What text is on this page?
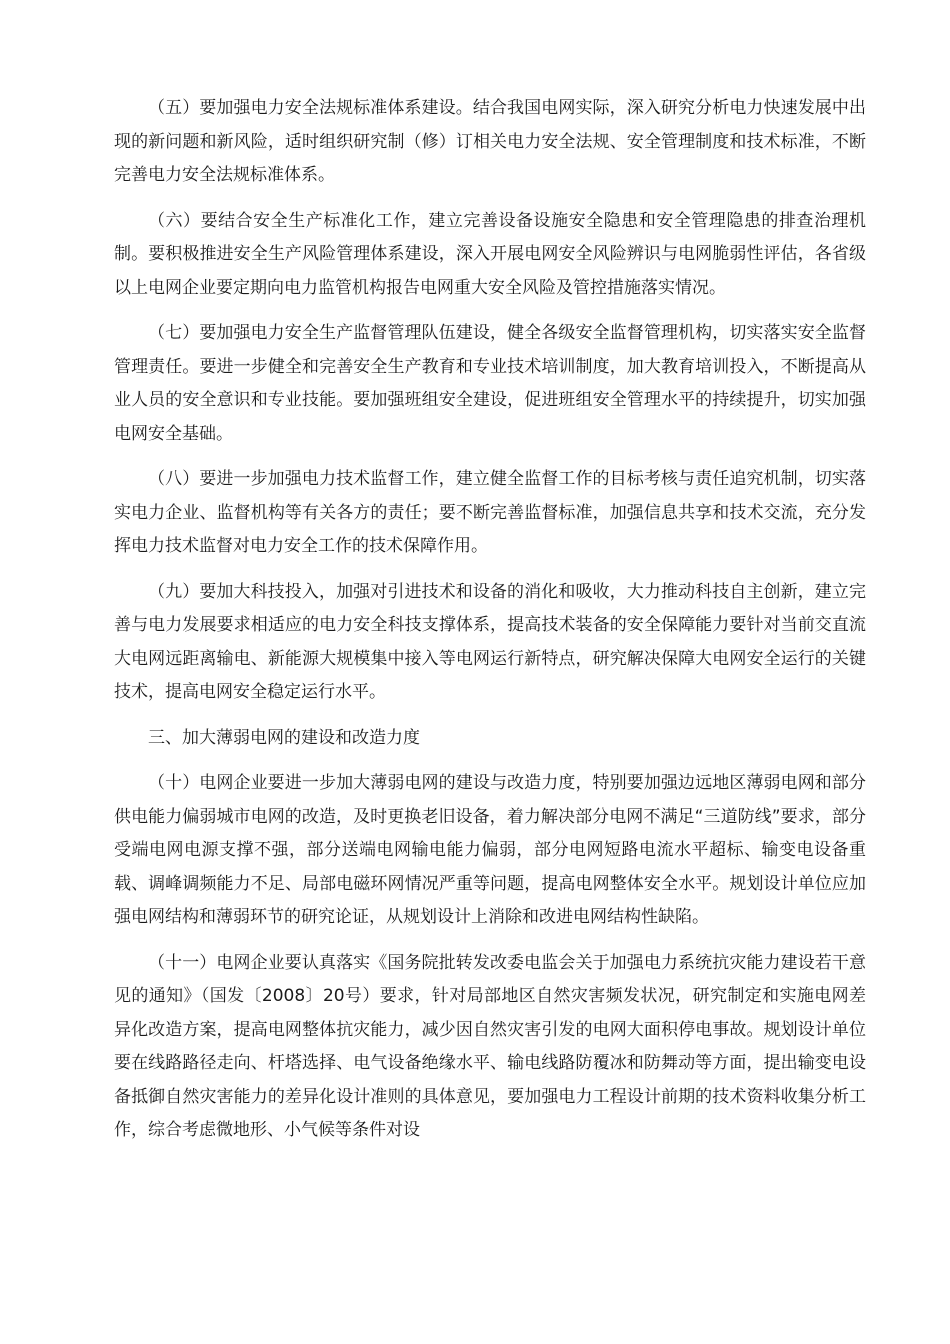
（五）要加强电力安全法规标准体系建设。结合我国电网实际，深入研究分析电力快速发展中出现的新问题和新风险，适时组织研究制（修）订相关电力安全法规、安全管理制度和技术标准，不断完善电力安全法规标准体系。

（六）要结合安全生产标准化工作，建立完善设备设施安全隐患和安全管理隐患的排查治理机制。要积极推进安全生产风险管理体系建设，深入开展电网安全风险辨识与电网脆弱性评估，各省级以上电网企业要定期向电力监管机构报告电网重大安全风险及管控措施落实情况。

（七）要加强电力安全生产监督管理队伍建设，健全各级安全监督管理机构，切实落实安全监督管理责任。要进一步健全和完善安全生产教育和专业技术培训制度，加大教育培训投入，不断提高从业人员的安全意识和专业技能。要加强班组安全建设，促进班组安全管理水平的持续提升，切实加强电网安全基础。

（八）要进一步加强电力技术监督工作，建立健全监督工作的目标考核与责任追究机制，切实落实电力企业、监督机构等有关各方的责任；要不断完善监督标准，加强信息共享和技术交流，充分发挥电力技术监督对电力安全工作的技术保障作用。

（九）要加大科技投入，加强对引进技术和设备的消化和吸收，大力推动科技自主创新，建立完善与电力发展要求相适应的电力安全科技支撑体系，提高技术装备的安全保障能力要针对当前交直流大电网远距离输电、新能源大规模集中接入等电网运行新特点，研究解决保障大电网安全运行的关键技术，提高电网安全稳定运行水平。

三、加大薄弱电网的建设和改造力度

（十）电网企业要进一步加大薄弱电网的建设与改造力度，特别要加强边远地区薄弱电网和部分供电能力偏弱城市电网的改造，及时更换老旧设备，着力解决部分电网不满足“三道防线”要求，部分受端电网电源支撑不强，部分送端电网输电能力偏弱，部分电网短路电流水平超标、输变电设备重载、调峰调频能力不足、局部电磁环网情况严重等问题，提高电网整体安全水平。规划设计单位应加强电网结构和薄弱环节的研究论证，从规划设计上消除和改进电网结构性缺陷。

（十一）电网企业要认真落实《国务院批转发改委电监会关于加强电力系统抗灾能力建设若干意见的通知》（国发〔2008〕20号）要求，针对局部地区自然灾害频发状况，研究制定和实施电网差异化改造方案，提高电网整体抗灾能力，减少因自然灾害引发的电网大面积停电事故。规划设计单位要在线路路径走向、杆塔选择、电气设备绝缘水平、输电线路防覆冰和防舞动等方面，提出输变电设备抵御自然灾害能力的差异化设计准则的具体意见，要加强电力工程设计前期的技术资料收集分析工作，综合考虑微地形、小气候等条件对设
